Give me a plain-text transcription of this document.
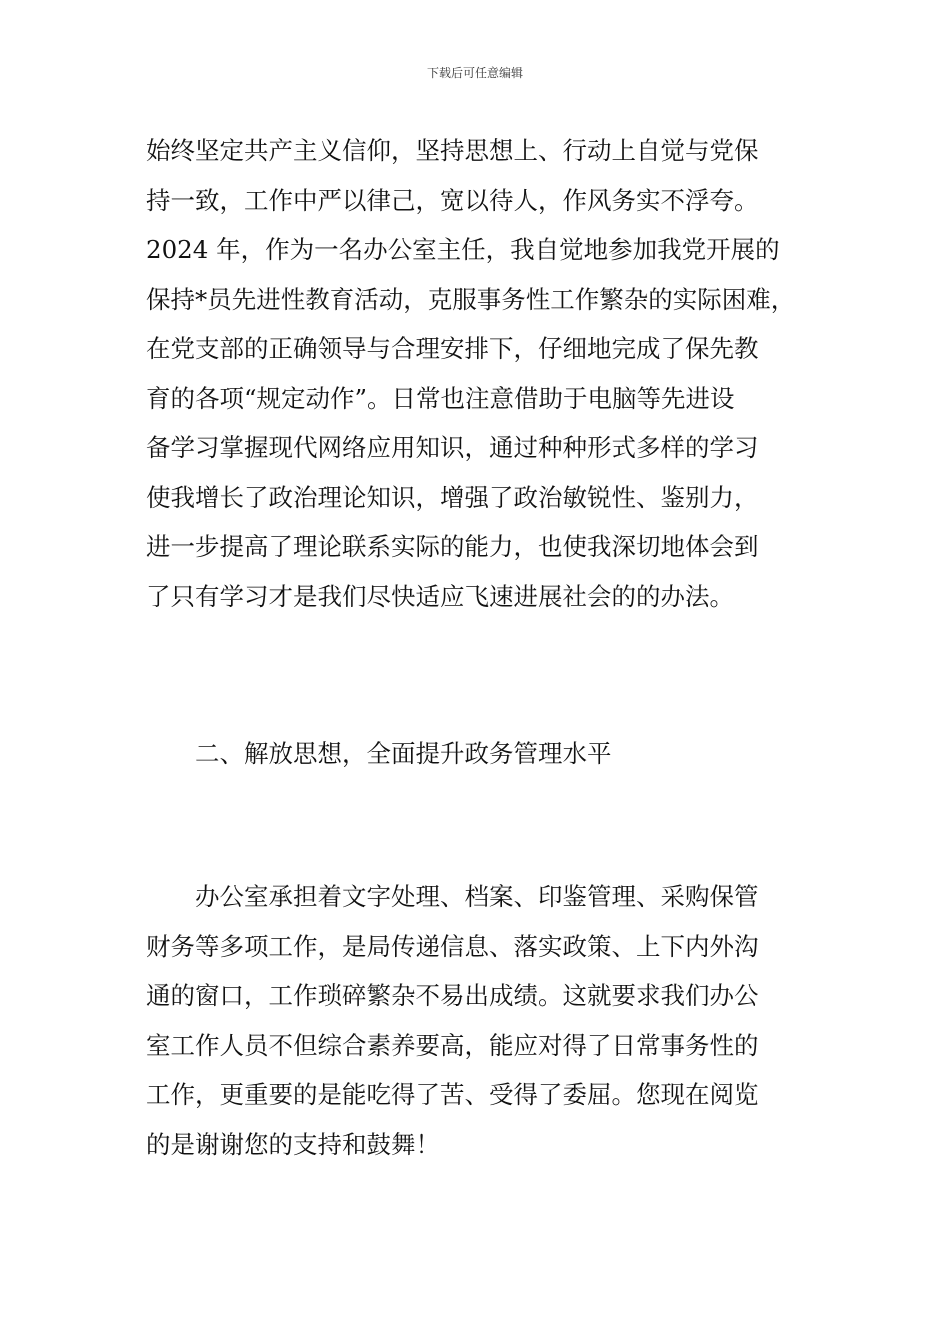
下载后可任意编辑
始终坚定共产主义信仰，坚持思想上、行动上自觉与党保
持一致，工作中严以律己，宽以待人，作风务实不浮夸。
2024 年，作为一名办公室主任，我自觉地参加我党开展的
保持*员先进性教育活动，克服事务性工作繁杂的实际困难，
在党支部的正确领导与合理安排下，仔细地完成了保先教
育的各项“规定动作”。日常也注意借助于电脑等先进设
备学习掌握现代网络应用知识，通过种种形式多样的学习
使我增长了政治理论知识，增强了政治敏锐性、鉴别力，
进一步提高了理论联系实际的能力，也使我深切地体会到
了只有学习才是我们尽快适应飞速进展社会的的办法。
二、解放思想，全面提升政务管理水平
办公室承担着文字处理、档案、印鉴管理、采购保管
财务等多项工作，是局传递信息、落实政策、上下内外沟
通的窗口，工作琐碎繁杂不易出成绩。这就要求我们办公
室工作人员不但综合素养要高，能应对得了日常事务性的
工作，更重要的是能吃得了苦、受得了委屈。您现在阅览
的是谢谢您的支持和鼓舞！
